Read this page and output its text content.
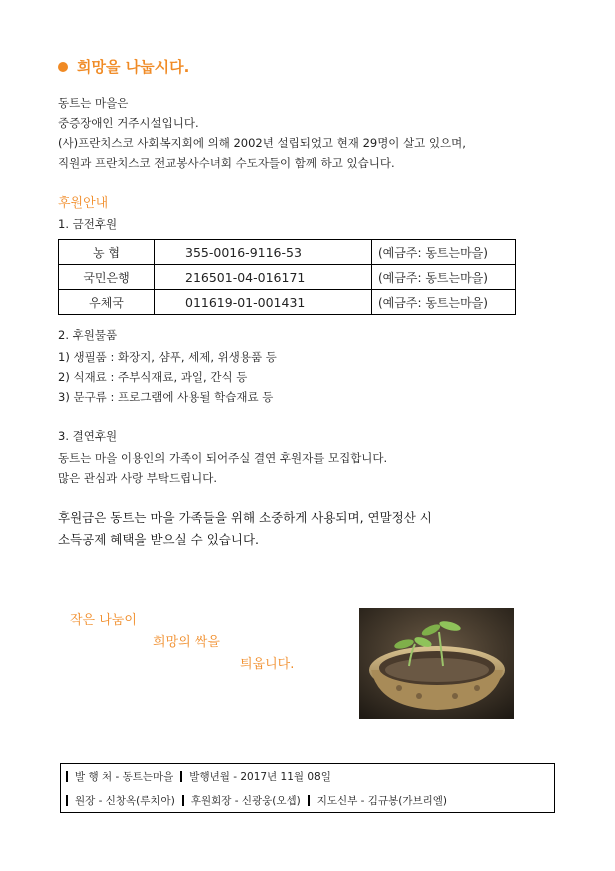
희망을 나눕시다.
동트는 마을은
중증장애인 거주시설입니다.
(사)프란치스코 사회복지회에 의해 2002년 설립되었고 현재 29명이 살고 있으며,
직원과 프란치스코 전교봉사수녀회 수도자들이 함께 하고 있습니다.
후원안내
1. 금전후원
농 협	355-0016-9116-53	(예금주: 동트는마을)
국민은행	216501-04-016171	(예금주: 동트는마을)
우체국	011619-01-001431	(예금주: 동트는마을)
2. 후원물품
1) 생필품 : 화장지, 샴푸, 세제, 위생용품 등
2) 식재료 : 주부식재료, 과일, 간식 등
3) 문구류 : 프로그램에 사용될 학습재료 등
3. 결연후원
동트는 마을 이용인의 가족이 되어주실 결연 후원자를 모집합니다.
많은 관심과 사랑 부탁드립니다.
후원금은 동트는 마을 가족들을 위해 소중하게 사용되며, 연말정산 시
소득공제 혜택을 받으실 수 있습니다.
작은 나눔이
희망의 싹을
틔웁니다.
발 행 처 - 동트는마을 발행년월 - 2017년 11월 08일
원장 - 신창옥(루치아) 후원회장 - 신광웅(오셉) 지도신부 - 김규봉(가브리엘)
